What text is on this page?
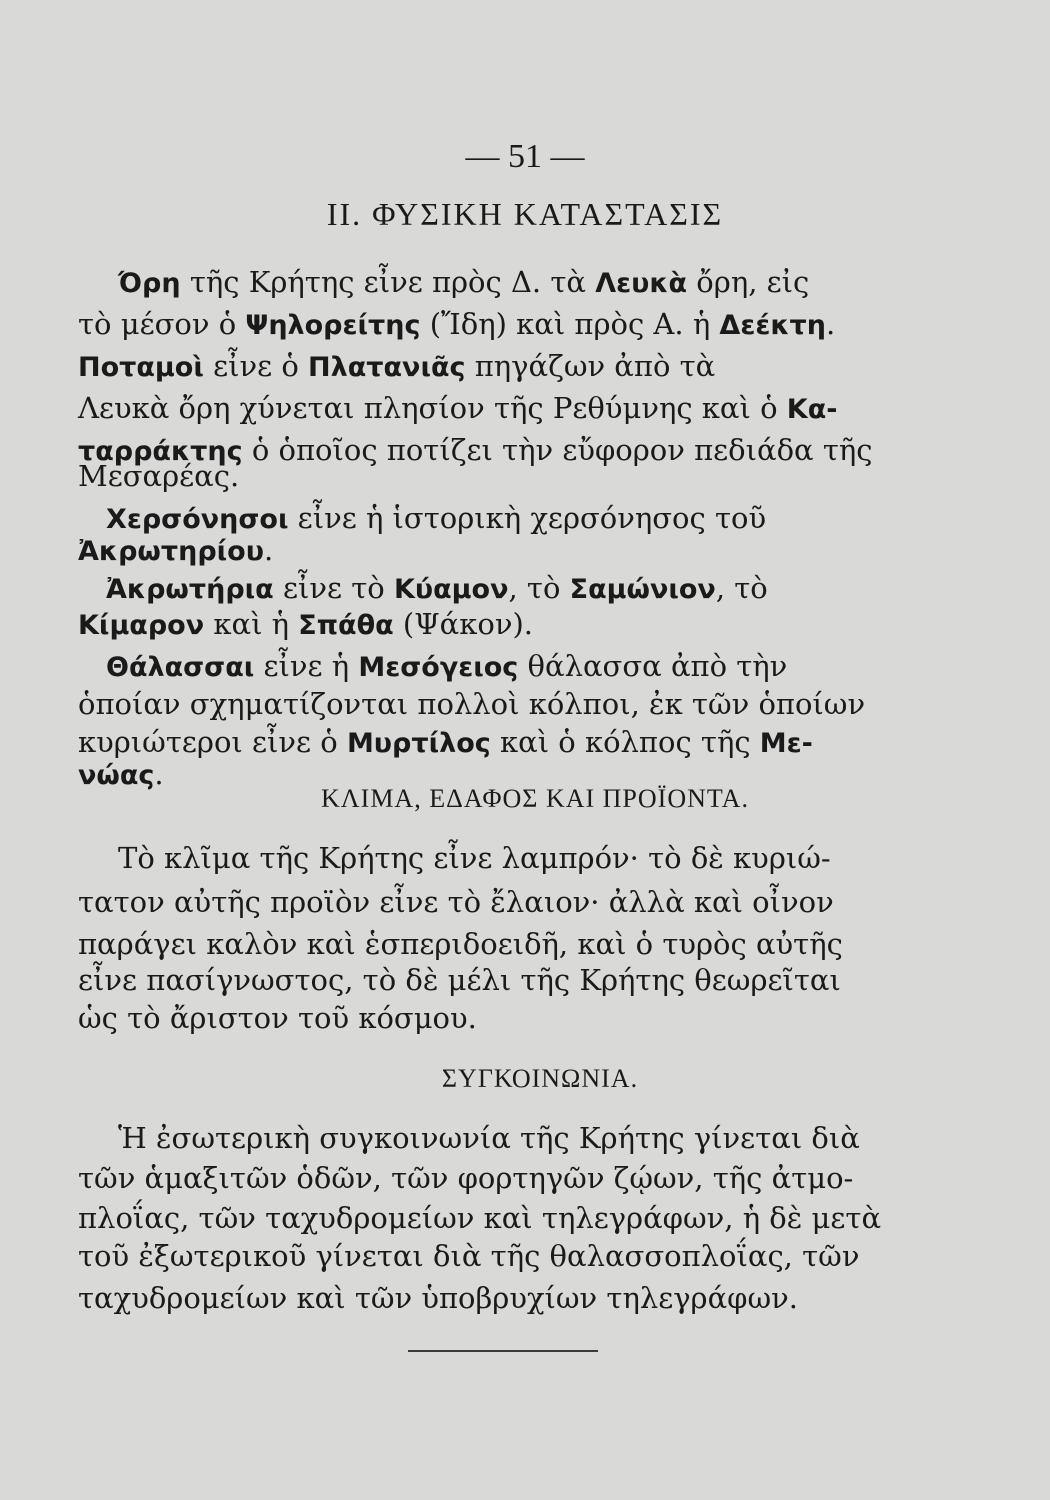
— 51 —
II. ΦΥΣΙΚΗ ΚΑΤΑΣΤΑΣΙΣ
Όρη τῆς Κρήτης εἶνε πρὸς Δ. τὰ Λευκὰ ὄρη, εἰς
τὸ μέσον ὁ Ψηλορείτης (Ἴδη) καὶ πρὸς Α. ἡ Δεέκτη.
Ποταμοὶ εἶνε ὁ Πλατανιᾶς πηγάζων ἀπὸ τὰ
Λευκὰ ὄρη χύνεται πλησίον τῆς Ρεθύμνης καὶ ὁ Κα-
ταρράκτης ὁ ὁποῖος ποτίζει τὴν εὔφορον πεδιάδα τῆς
Μεσαρέας.
Χερσόνησοι εἶνε ἡ ἱστορικὴ χερσόνησος τοῦ
Ἀκρωτηρίου.
Ἀκρωτήρια εἶνε τὸ Κύαμον, τὸ Σαμώνιον, τὸ
Κίμαρον καὶ ἡ Σπάθα (Ψάκον).
Θάλασσαι εἶνε ἡ Μεσόγειος θάλασσα ἀπὸ τὴν
ὁποίαν σχηματίζονται πολλοὶ κόλποι, ἐκ τῶν ὁποίων
κυριώτεροι εἶνε ὁ Μυρτίλος καὶ ὁ κόλπος τῆς Με-
νώας.
ΚΛΙΜΑ, ΕΔΑΦΟΣ ΚΑΙ ΠΡΟΪΟΝΤΑ.
Τὸ κλῖμα τῆς Κρήτης εἶνε λαμπρόν· τὸ δὲ κυριώ-
τατον αὐτῆς προϊὸν εἶνε τὸ ἔλαιον· ἀλλὰ καὶ οἶνον
παράγει καλὸν καὶ ἑσπεριδοειδῆ, καὶ ὁ τυρὸς αὐτῆς
εἶνε πασίγνωστος, τὸ δὲ μέλι τῆς Κρήτης θεωρεῖται
ὡς τὸ ἄριστον τοῦ κόσμου.
ΣΥΓΚΟΙΝΩΝΙΑ.
Ἡ ἐσωτερικὴ συγκοινωνία τῆς Κρήτης γίνεται διὰ
τῶν ἁμαξιτῶν ὁδῶν, τῶν φορτηγῶν ζῴων, τῆς ἀτμο-
πλοΐας, τῶν ταχυδρομείων καὶ τηλεγράφων, ἡ δὲ μετὰ
τοῦ ἐξωτερικοῦ γίνεται διὰ τῆς θαλασσοπλοΐας, τῶν
ταχυδρομείων καὶ τῶν ὑποβρυχίων τηλεγράφων.
